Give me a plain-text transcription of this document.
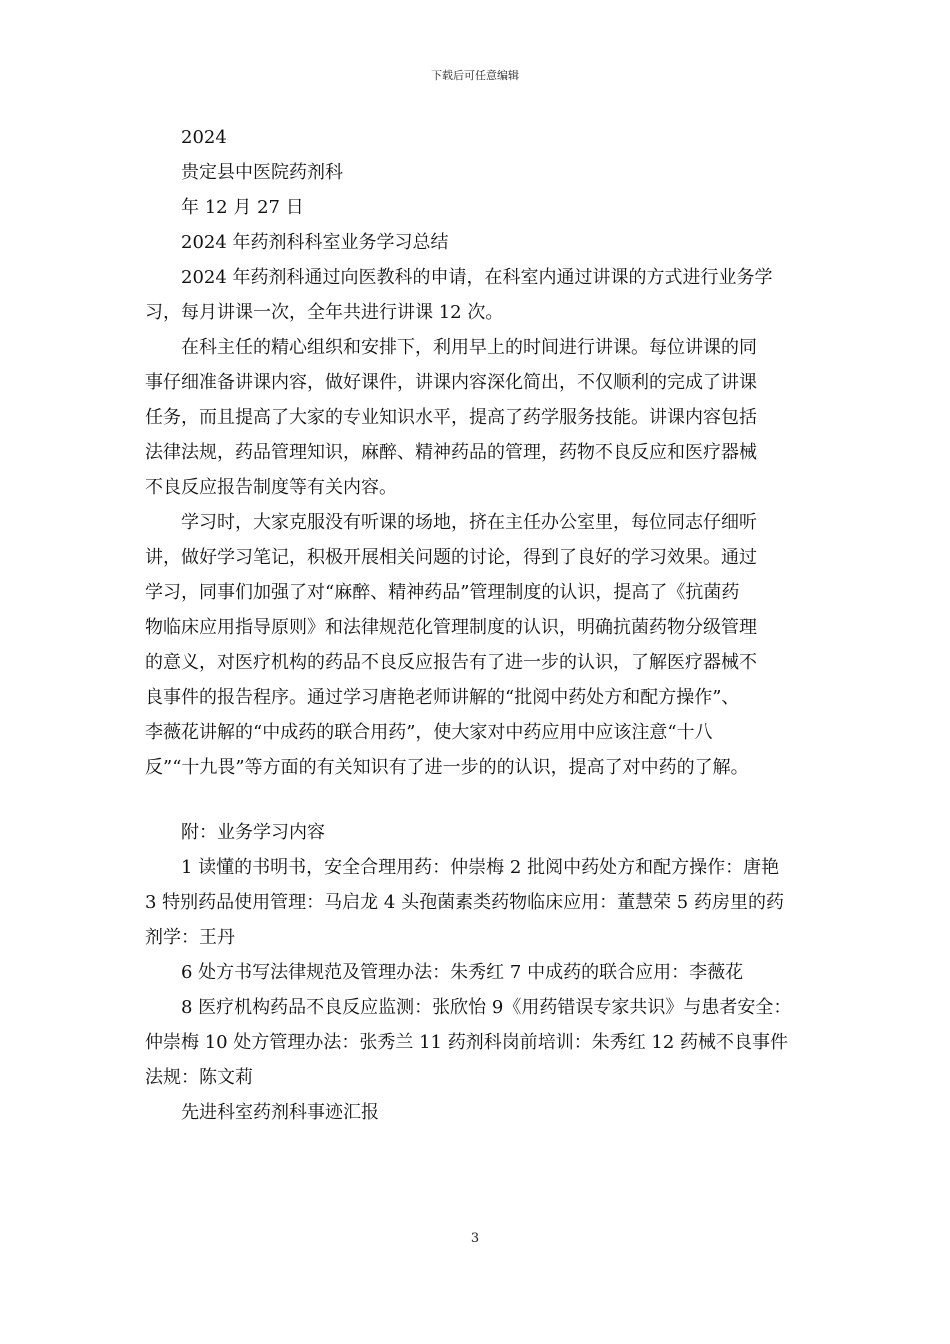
下载后可任意编辑
2024
贵定县中医院药剂科
年 12 月 27 日
2024 年药剂科科室业务学习总结
2024 年药剂科通过向医教科的申请，在科室内通过讲课的方式进行业务学
习，每月讲课一次，全年共进行讲课 12 次。
在科主任的精心组织和安排下，利用早上的时间进行讲课。每位讲课的同
事仔细准备讲课内容，做好课件，讲课内容深化简出，不仅顺利的完成了讲课
任务，而且提高了大家的专业知识水平，提高了药学服务技能。讲课内容包括
法律法规，药品管理知识，麻醉、精神药品的管理，药物不良反应和医疗器械
不良反应报告制度等有关内容。
学习时，大家克服没有听课的场地，挤在主任办公室里，每位同志仔细听
讲，做好学习笔记，积极开展相关问题的讨论，得到了良好的学习效果。通过
学习，同事们加强了对“麻醉、精神药品”管理制度的认识，提高了《抗菌药
物临床应用指导原则》和法律规范化管理制度的认识，明确抗菌药物分级管理
的意义，对医疗机构的药品不良反应报告有了进一步的认识，了解医疗器械不
良事件的报告程序。通过学习唐艳老师讲解的“批阅中药处方和配方操作”、
李薇花讲解的“中成药的联合用药”，使大家对中药应用中应该注意“十八
反”“十九畏”等方面的有关知识有了进一步的的认识，提高了对中药的了解。
附：业务学习内容
1 读懂的书明书，安全合理用药：仲崇梅 2 批阅中药处方和配方操作：唐艳
3 特别药品使用管理：马启龙 4 头孢菌素类药物临床应用：董慧荣 5 药房里的药
剂学：王丹
6 处方书写法律规范及管理办法：朱秀红 7 中成药的联合应用：李薇花
8 医疗机构药品不良反应监测：张欣怡 9《用药错误专家共识》与患者安全：
仲崇梅 10 处方管理办法：张秀兰 11 药剂科岗前培训：朱秀红 12 药械不良事件
法规：陈文莉
先进科室药剂科事迹汇报
3
